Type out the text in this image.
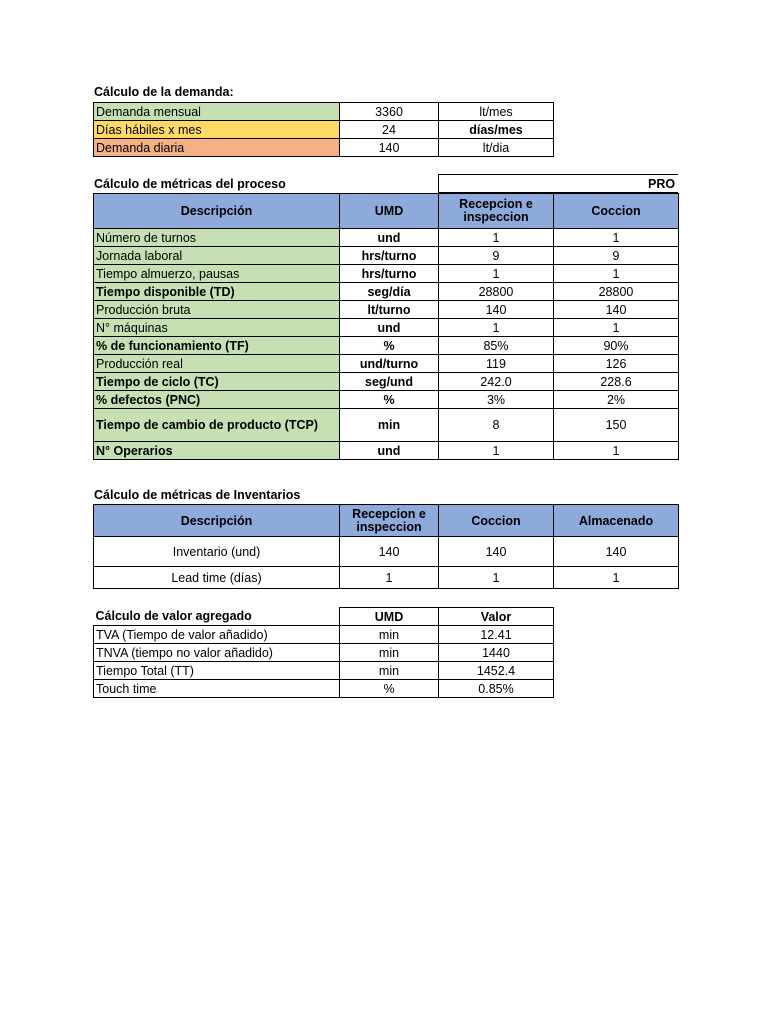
Cálculo de la demanda:
Demanda mensual	3360	lt/mes
Días hábiles x mes	24	días/mes
Demanda diaria	140	lt/dia
Cálculo de métricas del proceso	PRO
Descripción	UMD	Recepcion e inspeccion	Coccion
Número de turnos	und	1	1
Jornada laboral	hrs/turno	9	9
Tiempo almuerzo, pausas	hrs/turno	1	1
Tiempo disponible (TD)	seg/día	28800	28800
Producción bruta	lt/turno	140	140
N° máquinas	und	1	1
% de funcionamiento (TF)	%	85%	90%
Producción real	und/turno	119	126
Tiempo de ciclo (TC)	seg/und	242.0	228.6
% defectos (PNC)	%	3%	2%
Tiempo de cambio de producto (TCP)	min	8	150
N° Operarios	und	1	1
Cálculo de métricas de Inventarios
Descripción	Recepcion e inspeccion	Coccion	Almacenado
Inventario (und)	140	140	140
Lead time (días)	1	1	1
Cálculo de valor agregado	UMD	Valor
TVA (Tiempo de valor añadido)	min	12.41
TNVA (tiempo no valor añadido)	min	1440
Tiempo Total (TT)	min	1452.4
Touch time	%	0.85%
